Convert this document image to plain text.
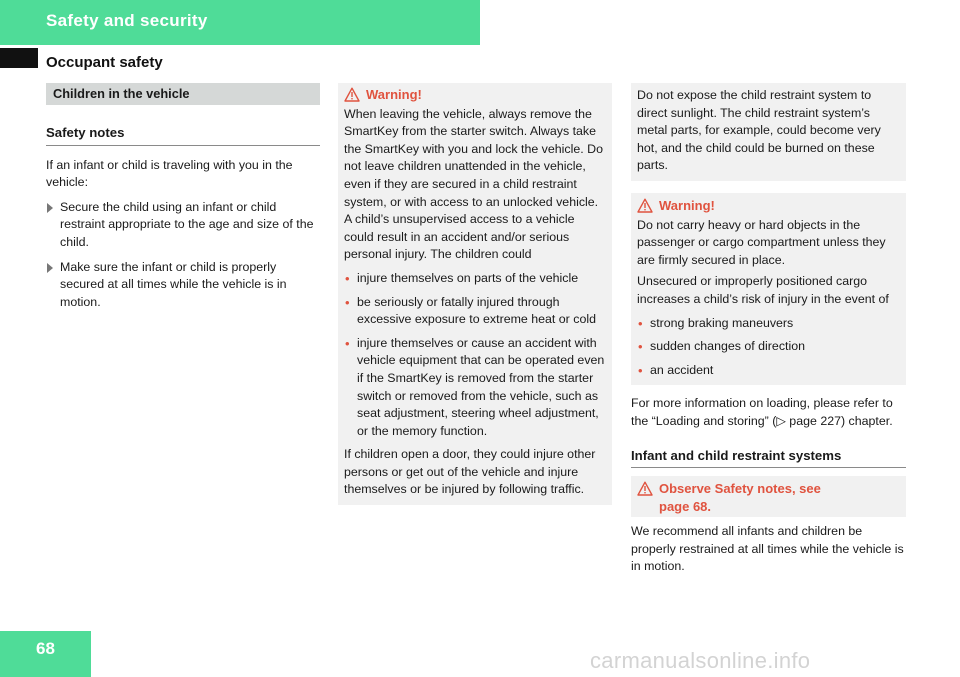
Safety and security
Occupant safety
Children in the vehicle
Safety notes

If an infant or child is traveling with you in the vehicle:

Secure the child using an infant or child restraint appropriate to the age and size of the child.
Make sure the infant or child is properly secured at all times while the vehicle is in motion.
Warning!

When leaving the vehicle, always remove the SmartKey from the starter switch. Always take the SmartKey with you and lock the vehicle. Do not leave children unattended in the vehicle, even if they are secured in a child restraint system, or with access to an unlocked vehicle. A child’s unsupervised access to a vehicle could result in an accident and/or serious personal injury. The children could

• injure themselves on parts of the vehicle
• be seriously or fatally injured through excessive exposure to extreme heat or cold
• injure themselves or cause an accident with vehicle equipment that can be operated even if the SmartKey is removed from the starter switch or removed from the vehicle, such as seat adjustment, steering wheel adjustment, or the memory function.

If children open a door, they could injure other persons or get out of the vehicle and injure themselves or be injured by following traffic.

Do not expose the child restraint system to direct sunlight. The child restraint system’s metal parts, for example, could become very hot, and the child could be burned on these parts.

Warning!

Do not carry heavy or hard objects in the passenger or cargo compartment unless they are firmly secured in place.

Unsecured or improperly positioned cargo increases a child’s risk of injury in the event of

• strong braking maneuvers
• sudden changes of direction
• an accident

For more information on loading, please refer to the “Loading and storing” (▷ page 227) chapter.

Infant and child restraint systems
Observe Safety notes, see page 68.

We recommend all infants and children be properly restrained at all times while the vehicle is in motion.

68	carmanualsonline.info
